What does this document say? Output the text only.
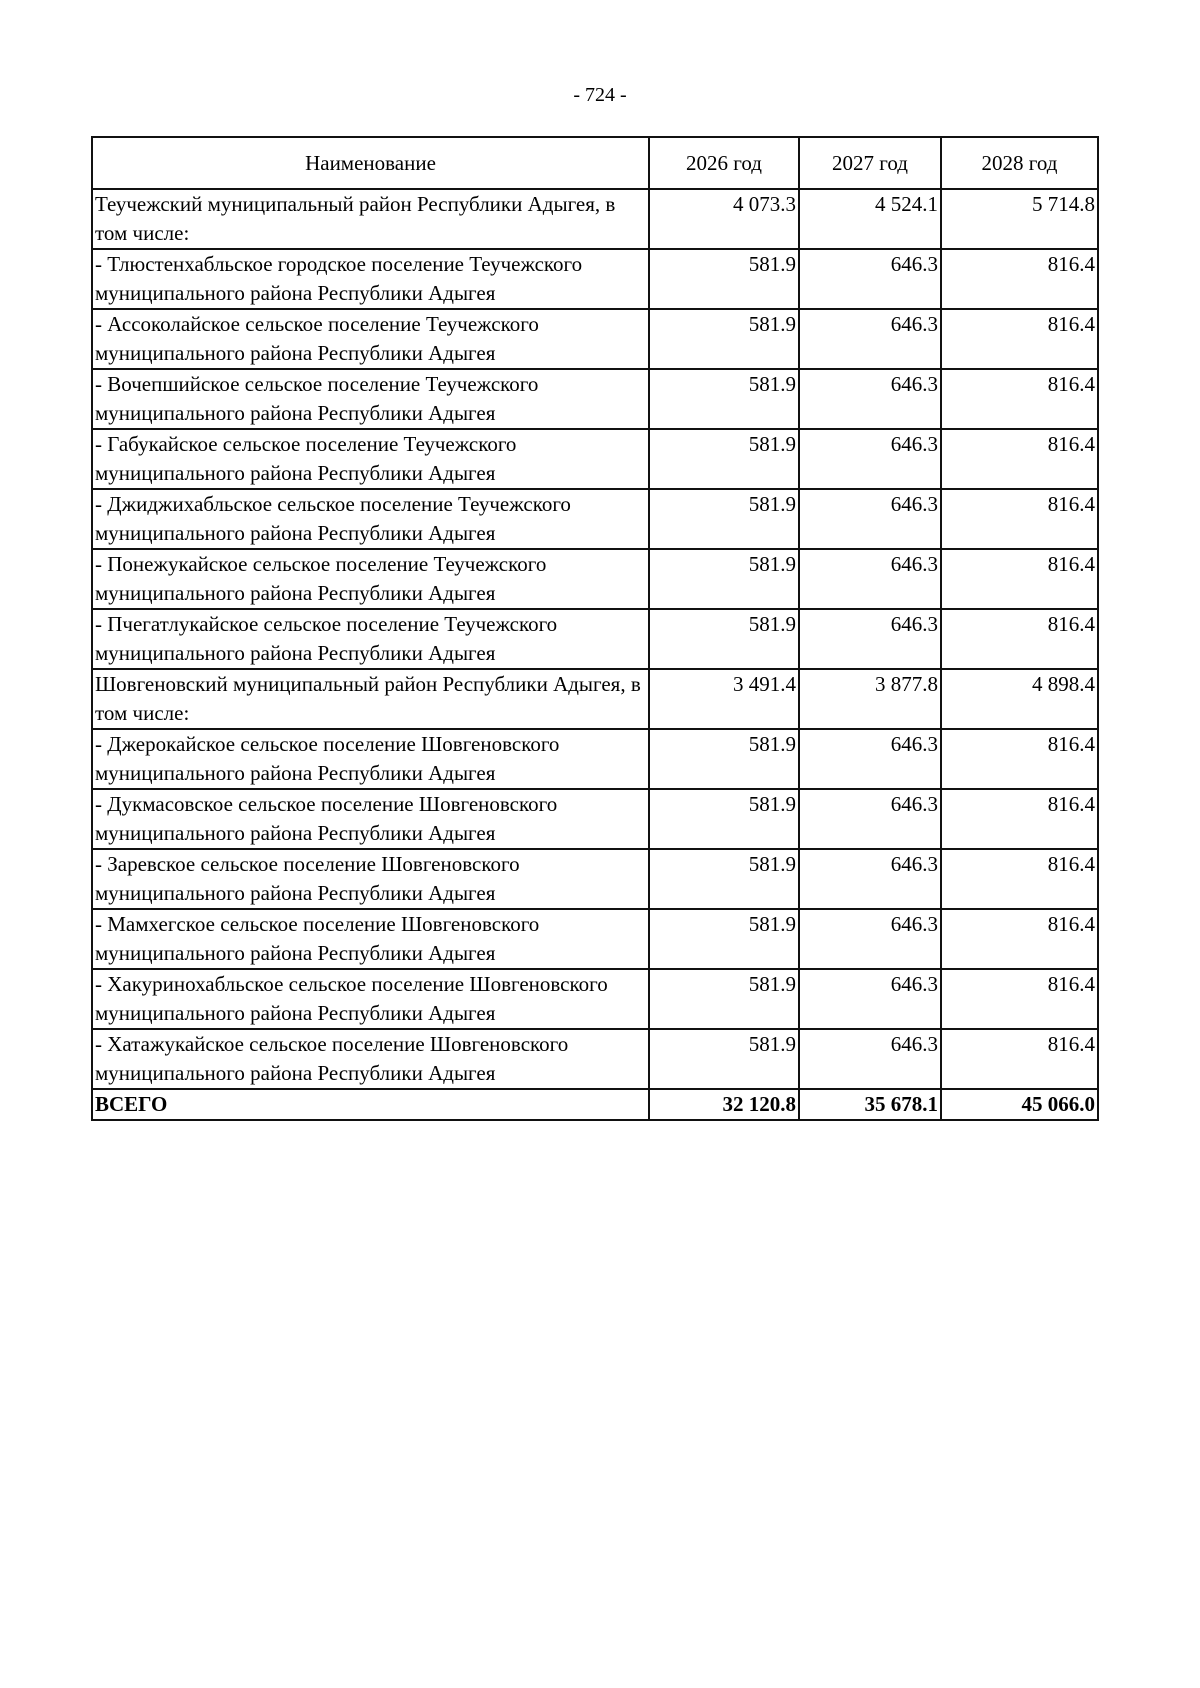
- 724 -
Наименование	2026 год	2027 год	2028 год
Теучежский муниципальный район Республики Адыгея, в том числе:	4 073.3	4 524.1	5 714.8
- Тлюстенхабльское городское поселение Теучежского муниципального района Республики Адыгея	581.9	646.3	816.4
- Ассоколайское сельское поселение Теучежского муниципального района Республики Адыгея	581.9	646.3	816.4
- Вочепшийское сельское поселение Теучежского муниципального района Республики Адыгея	581.9	646.3	816.4
- Габукайское сельское поселение Теучежского муниципального района Республики Адыгея	581.9	646.3	816.4
- Джиджихабльское сельское поселение Теучежского муниципального района Республики Адыгея	581.9	646.3	816.4
- Понежукайское сельское поселение Теучежского муниципального района Республики Адыгея	581.9	646.3	816.4
- Пчегатлукайское сельское поселение Теучежского муниципального района Республики Адыгея	581.9	646.3	816.4
Шовгеновский муниципальный район Республики Адыгея, в том числе:	3 491.4	3 877.8	4 898.4
- Джерокайское сельское поселение Шовгеновского муниципального района Республики Адыгея	581.9	646.3	816.4
- Дукмасовское сельское поселение Шовгеновского муниципального района Республики Адыгея	581.9	646.3	816.4
- Заревское сельское поселение Шовгеновского муниципального района Республики Адыгея	581.9	646.3	816.4
- Мамхегское сельское поселение Шовгеновского муниципального района Республики Адыгея	581.9	646.3	816.4
- Хакуринохабльское сельское поселение Шовгеновского муниципального района Республики Адыгея	581.9	646.3	816.4
- Хатажукайское сельское поселение Шовгеновского муниципального района Республики Адыгея	581.9	646.3	816.4
ВСЕГО	32 120.8	35 678.1	45 066.0
